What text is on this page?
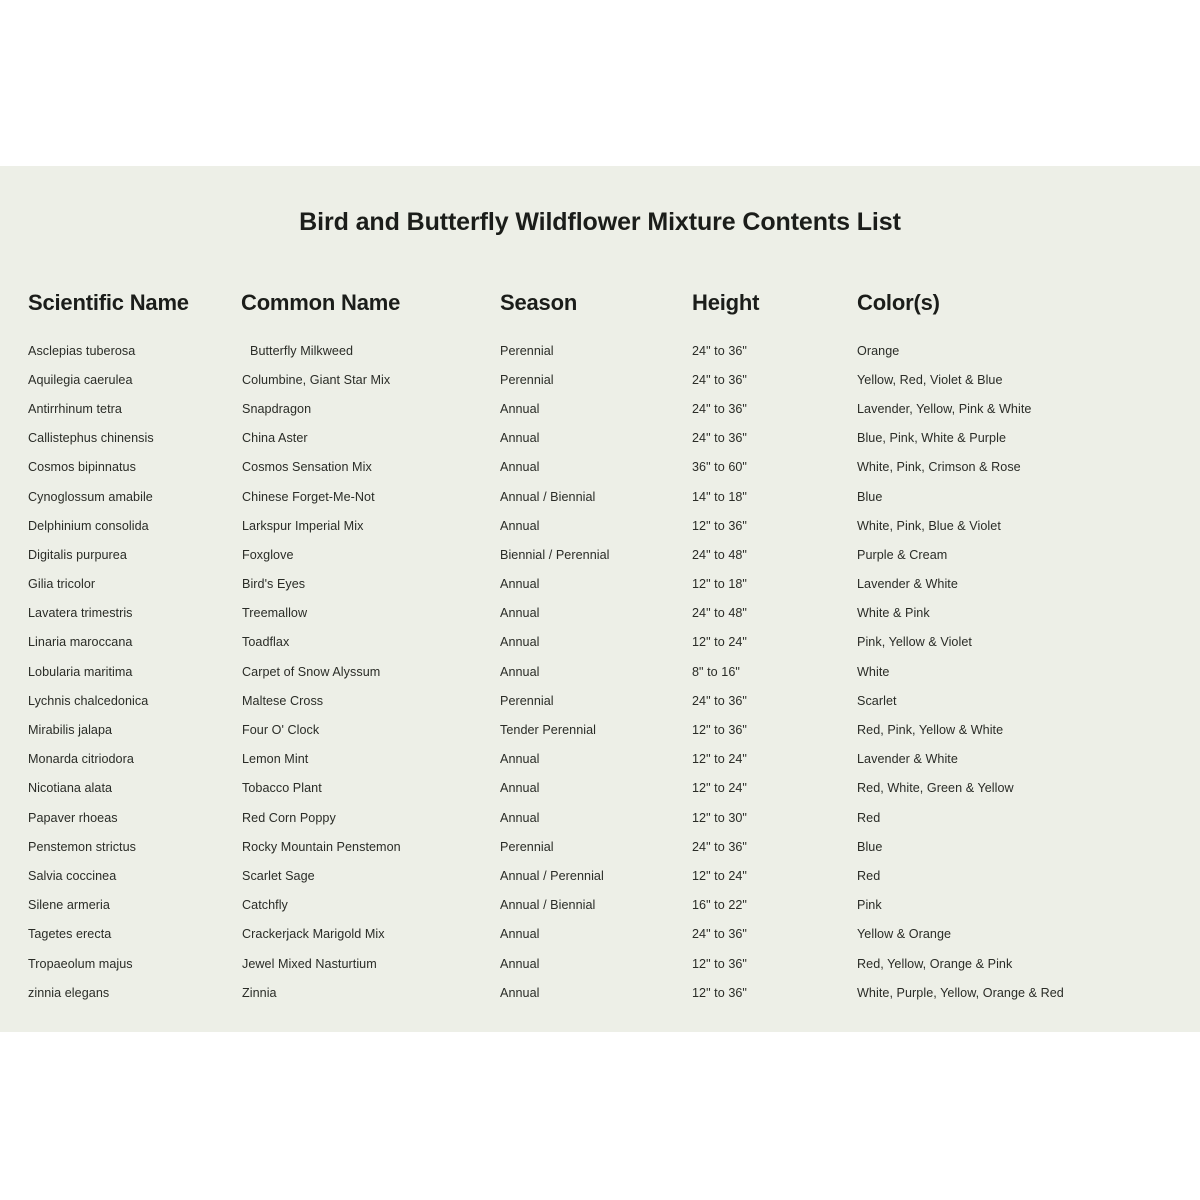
Bird and Butterfly Wildflower Mixture Contents List
Scientific Name	Common Name	Season	Height	Color(s)
Asclepias tuberosa	Butterfly Milkweed	Perennial	24" to 36"	Orange
Aquilegia caerulea	Columbine, Giant Star Mix	Perennial	24" to 36"	Yellow, Red, Violet & Blue
Antirrhinum tetra	Snapdragon	Annual	24" to 36"	Lavender, Yellow, Pink & White
Callistephus chinensis	China Aster	Annual	24" to 36"	Blue, Pink, White & Purple
Cosmos bipinnatus	Cosmos Sensation Mix	Annual	36" to 60"	White, Pink, Crimson & Rose
Cynoglossum amabile	Chinese Forget-Me-Not	Annual / Biennial	14" to 18"	Blue
Delphinium consolida	Larkspur Imperial Mix	Annual	12" to 36"	White, Pink, Blue & Violet
Digitalis purpurea	Foxglove	Biennial / Perennial	24" to 48"	Purple & Cream
Gilia tricolor	Bird's Eyes	Annual	12" to 18"	Lavender & White
Lavatera trimestris	Treemallow	Annual	24" to 48"	White & Pink
Linaria maroccana	Toadflax	Annual	12" to 24"	Pink, Yellow & Violet
Lobularia maritima	Carpet of Snow Alyssum	Annual	8" to 16"	White
Lychnis chalcedonica	Maltese Cross	Perennial	24" to 36"	Scarlet
Mirabilis jalapa	Four O' Clock	Tender Perennial	12" to 36"	Red, Pink, Yellow & White
Monarda citriodora	Lemon Mint	Annual	12" to 24"	Lavender & White
Nicotiana alata	Tobacco Plant	Annual	12" to 24"	Red, White, Green & Yellow
Papaver rhoeas	Red Corn Poppy	Annual	12" to 30"	Red
Penstemon strictus	Rocky Mountain Penstemon	Perennial	24" to 36"	Blue
Salvia coccinea	Scarlet Sage	Annual / Perennial	12" to 24"	Red
Silene armeria	Catchfly	Annual / Biennial	16" to 22"	Pink
Tagetes erecta	Crackerjack Marigold Mix	Annual	24" to 36"	Yellow & Orange
Tropaeolum majus	Jewel Mixed Nasturtium	Annual	12" to 36"	Red, Yellow, Orange & Pink
zinnia elegans	Zinnia	Annual	12" to 36"	White, Purple, Yellow, Orange & Red
